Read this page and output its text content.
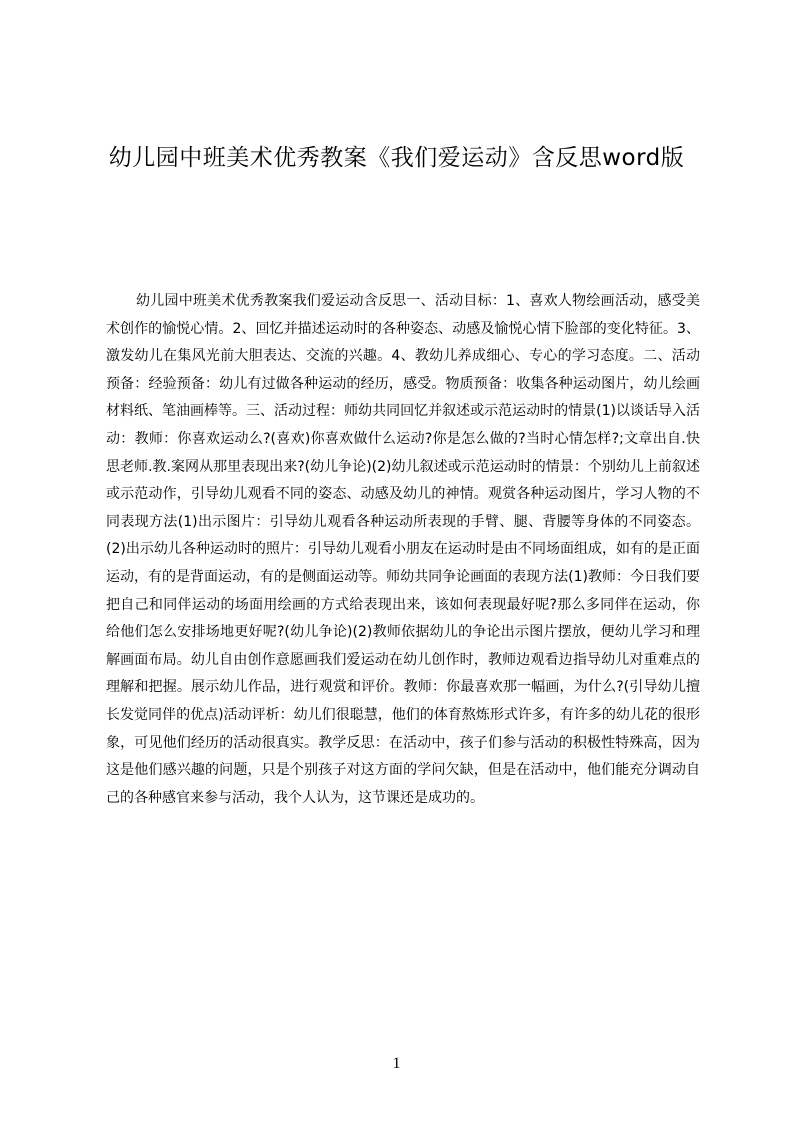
幼儿园中班美术优秀教案《我们爱运动》含反思word版
幼儿园中班美术优秀教案我们爱运动含反思一、活动目标：1、喜欢人物绘画活动，感受美术创作的愉悦心情。2、回忆并描述运动时的各种姿态、动感及愉悦心情下脸部的变化特征。3、激发幼儿在集风光前大胆表达、交流的兴趣。4、教幼儿养成细心、专心的学习态度。二、活动预备：经验预备：幼儿有过做各种运动的经历，感受。物质预备：收集各种运动图片，幼儿绘画材料纸、笔油画棒等。三、活动过程：师幼共同回忆并叙述或示范运动时的情景(1)以谈话导入活动：教师：你喜欢运动么?(喜欢)你喜欢做什么运动?你是怎么做的?当时心情怎样?;文章出自.快思老师.教.案网从那里表现出来?(幼儿争论)(2)幼儿叙述或示范运动时的情景：个别幼儿上前叙述或示范动作，引导幼儿观看不同的姿态、动感及幼儿的神情。观赏各种运动图片，学习人物的不同表现方法(1)出示图片：引导幼儿观看各种运动所表现的手臂、腿、背腰等身体的不同姿态。(2)出示幼儿各种运动时的照片：引导幼儿观看小朋友在运动时是由不同场面组成，如有的是正面运动，有的是背面运动，有的是侧面运动等。师幼共同争论画面的表现方法(1)教师：今日我们要把自己和同伴运动的场面用绘画的方式给表现出来，该如何表现最好呢?那么多同伴在运动，你给他们怎么安排场地更好呢?(幼儿争论)(2)教师依据幼儿的争论出示图片摆放，便幼儿学习和理解画面布局。幼儿自由创作意愿画我们爱运动在幼儿创作时，教师边观看边指导幼儿对重难点的理解和把握。展示幼儿作品，进行观赏和评价。教师：你最喜欢那一幅画，为什么?(引导幼儿擅长发觉同伴的优点)活动评析：幼儿们很聪慧，他们的体育熬炼形式许多，有许多的幼儿花的很形象，可见他们经历的活动很真实。教学反思：在活动中，孩子们参与活动的积极性特殊高，因为这是他们感兴趣的问题，只是个别孩子对这方面的学问欠缺，但是在活动中，他们能充分调动自己的各种感官来参与活动，我个人认为，这节课还是成功的。
1
